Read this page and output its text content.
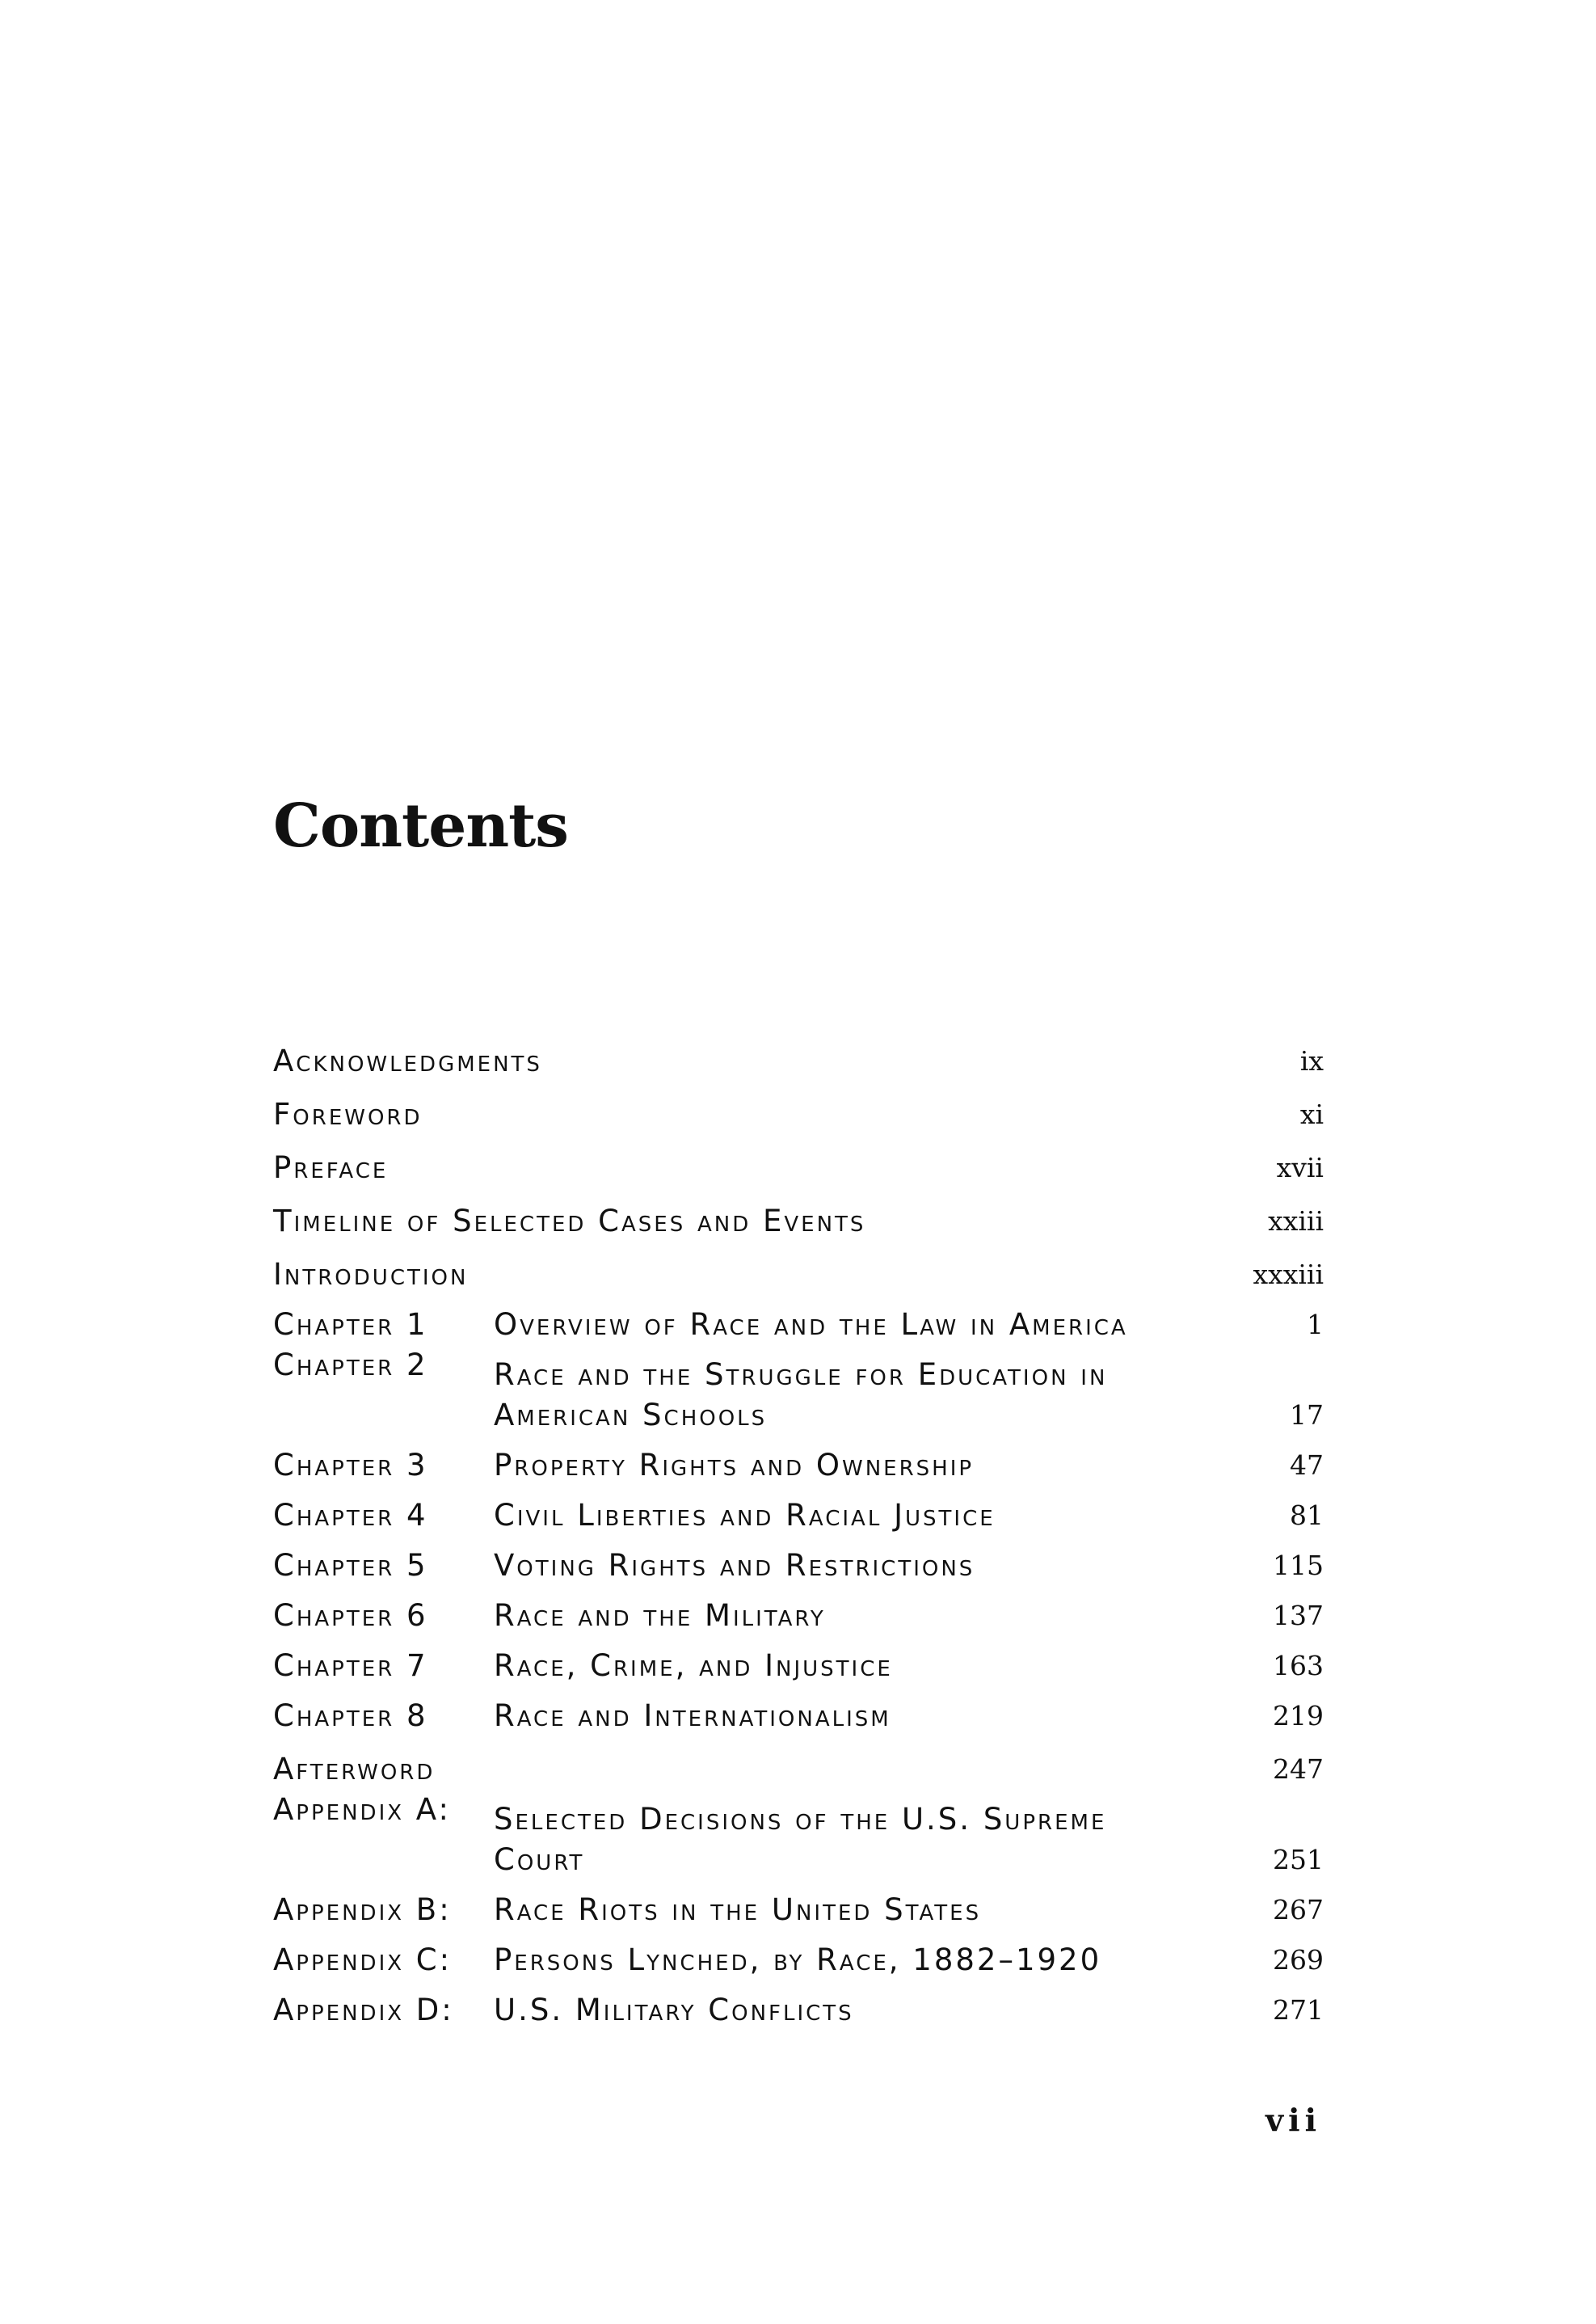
Contents
Acknowledgments	ix
Foreword	xi
Preface	xvii
Timeline of Selected Cases and Events	xxiii
Introduction	xxxiii
Chapter 1	Overview of Race and the Law in America	1
Chapter 2	Race and the Struggle for Education in American Schools	17
Chapter 3	Property Rights and Ownership	47
Chapter 4	Civil Liberties and Racial Justice	81
Chapter 5	Voting Rights and Restrictions	115
Chapter 6	Race and the Military	137
Chapter 7	Race, Crime, and Injustice	163
Chapter 8	Race and Internationalism	219
Afterword	247
Appendix A:	Selected Decisions of the U.S. Supreme Court	251
Appendix B:	Race Riots in the United States	267
Appendix C:	Persons Lynched, by Race, 1882–1920	269
Appendix D:	U.S. Military Conflicts	271
vii
